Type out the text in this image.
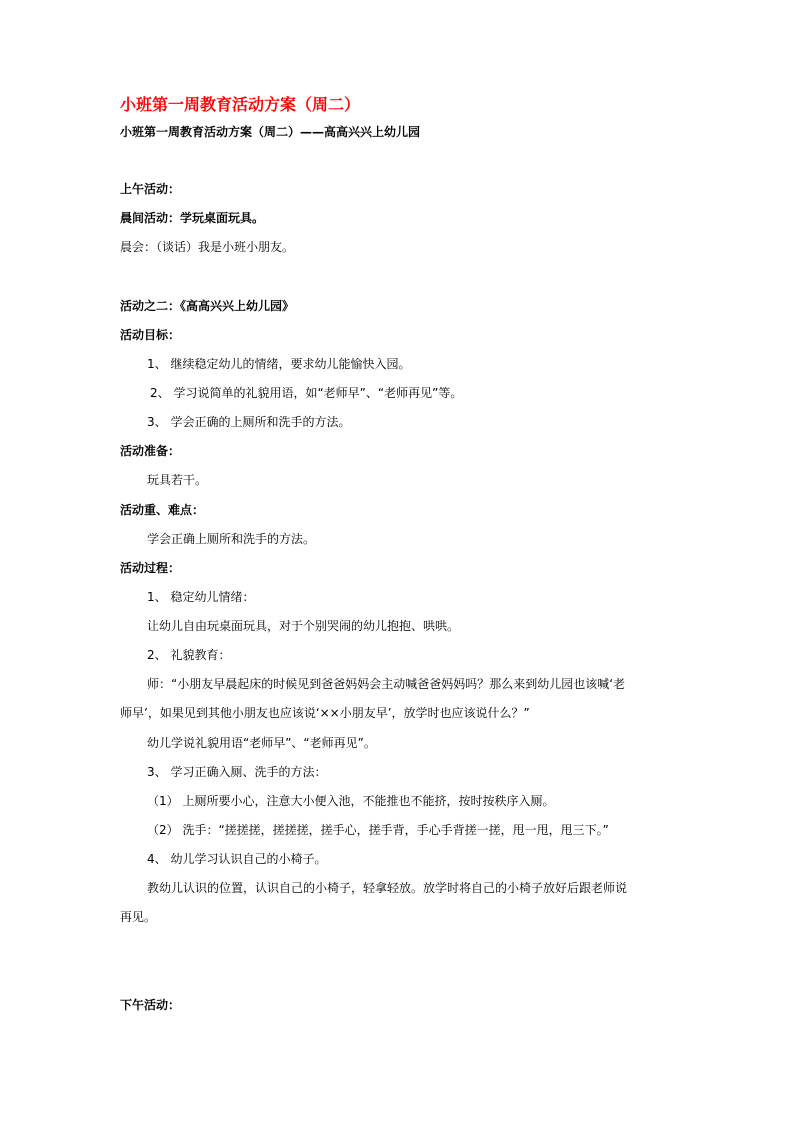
小班第一周教育活动方案（周二）
小班第一周教育活动方案（周二）——高高兴兴上幼儿园
上午活动：
晨间活动：学玩桌面玩具。
晨会：（谈话）我是小班小朋友。
活动之二：《高高兴兴上幼儿园》
活动目标：
1、 继续稳定幼儿的情绪，要求幼儿能愉快入园。
2、 学习说简单的礼貌用语，如“老师早”、“老师再见”等。
3、 学会正确的上厕所和洗手的方法。
活动准备：
玩具若干。
活动重、难点：
学会正确上厕所和洗手的方法。
活动过程：
1、 稳定幼儿情绪：
让幼儿自由玩桌面玩具，对于个别哭闹的幼儿抱抱、哄哄。
2、 礼貌教育：
师：“小朋友早晨起床的时候见到爸爸妈妈会主动喊爸爸妈妈吗？那么来到幼儿园也该喊‘老
师早’，如果见到其他小朋友也应该说‘××小朋友早’，放学时也应该说什么？”
幼儿学说礼貌用语“老师早”、“老师再见”。
3、 学习正确入厕、洗手的方法：
（1） 上厕所要小心，注意大小便入池，不能推也不能挤，按时按秩序入厕。
（2） 洗手：“搓搓搓，搓搓搓，搓手心，搓手背，手心手背搓一搓，甩一甩，甩三下。”
4、 幼儿学习认识自己的小椅子。
教幼儿认识的位置，认识自己的小椅子，轻拿轻放。放学时将自己的小椅子放好后跟老师说
再见。
下午活动：
